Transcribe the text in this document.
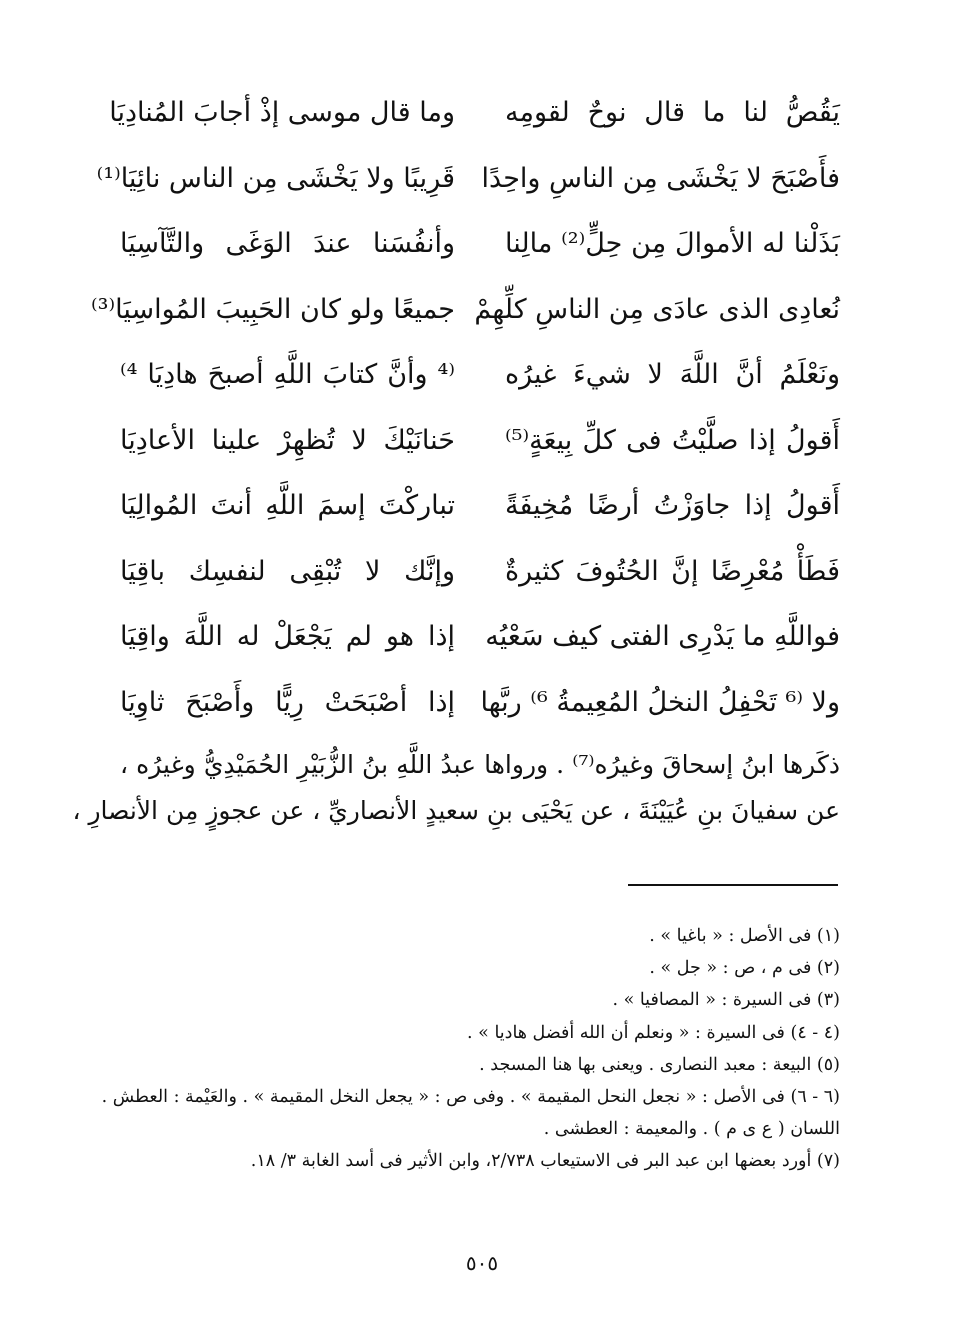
يَقُصُّ لنا ما قال نوحٌ لقومِه
وما قال موسى إذْ أجابَ المُنادِيَا
فأَصْبَحَ لا يَخْشَى مِن الناسِ واحِدًا
قَرِيبًا ولا يَخْشَى مِن الناس نائِيَا⁽¹⁾
بَذَلْنا له الأموالَ مِن حِلٍّ⁽²⁾ مالِنا
وأنفُسَنا عندَ الوَغَى والتَّآسِيَا
نُعادِى الذى عادَى مِن الناسِ كلِّهِمْ
جميعًا ولو كان الحَبِيبَ المُواسِيَا⁽³⁾
ونَعْلَمُ أنَّ اللَّهَ لا شيءَ غيرُه
⁽⁴ وأنَّ كتابَ اللَّهِ أصبحَ هادِيَا ⁴⁾
أَقولُ إذا صلَّيْتُ فى كلِّ بِيعَةٍ⁽⁵⁾
حَنانَيْكَ لا تُظهِرْ علينا الأعادِيَا
أَقولُ إذا جاوَزْتُ أرضًا مُخِيفَةً
تباركْتَ إسمَ اللَّهِ أنتَ المُوالِيَا
فَطَأْ مُعْرِضًا إنَّ الحُتُوفَ كثيرةٌ
وإنَّك لا تُبْقِى لنفسِك باقِيَا
فواللَّهِ ما يَدْرِى الفتى كيف سَعْيُه
إذا هو لم يَجْعَلْ له اللَّهَ واقِيَا
ولا ⁽⁶ تَحْفِلُ النخلُ المُعِيمةُ ⁶⁾ ربَّها
إذا أصْبَحَتْ رِيًّا وأَصْبَحَ ثاوِيَا
ذكَرها ابنُ إسحاقَ وغيرُه⁽⁷⁾ . ورواها عبدُ اللَّهِ بنُ الزُّبَيْرِ الحُمَيْدِيُّ وغيرُه ،
عن سفيانَ بنِ عُيَيْنَةَ ، عن يَحْيَى بنِ سعيدٍ الأنصاريِّ ، عن عجوزٍ مِن الأنصارِ ،
(١) فى الأصل : « باغيا » .
(٢) فى م ، ص : « جل » .
(٣) فى السيرة : « المصافيا » .
(٤ - ٤) فى السيرة : « ونعلم أن الله أفضل هاديا » .
(٥) البيعة : معبد النصارى . ويعنى بها هنا المسجد .
(٦ - ٦) فى الأصل : « نجعل النحل المقيمة » . وفى ص : « يجعل النخل المقيمة » . والعَيْمة : العطش .
اللسان ( ع ى م ) . والمعيمة : العطشى .
(٧) أورد بعضها ابن عبد البر فى الاستيعاب ٢/٧٣٨، وابن الأثير فى أسد الغابة ٣/ ١٨.
٥٠٥
